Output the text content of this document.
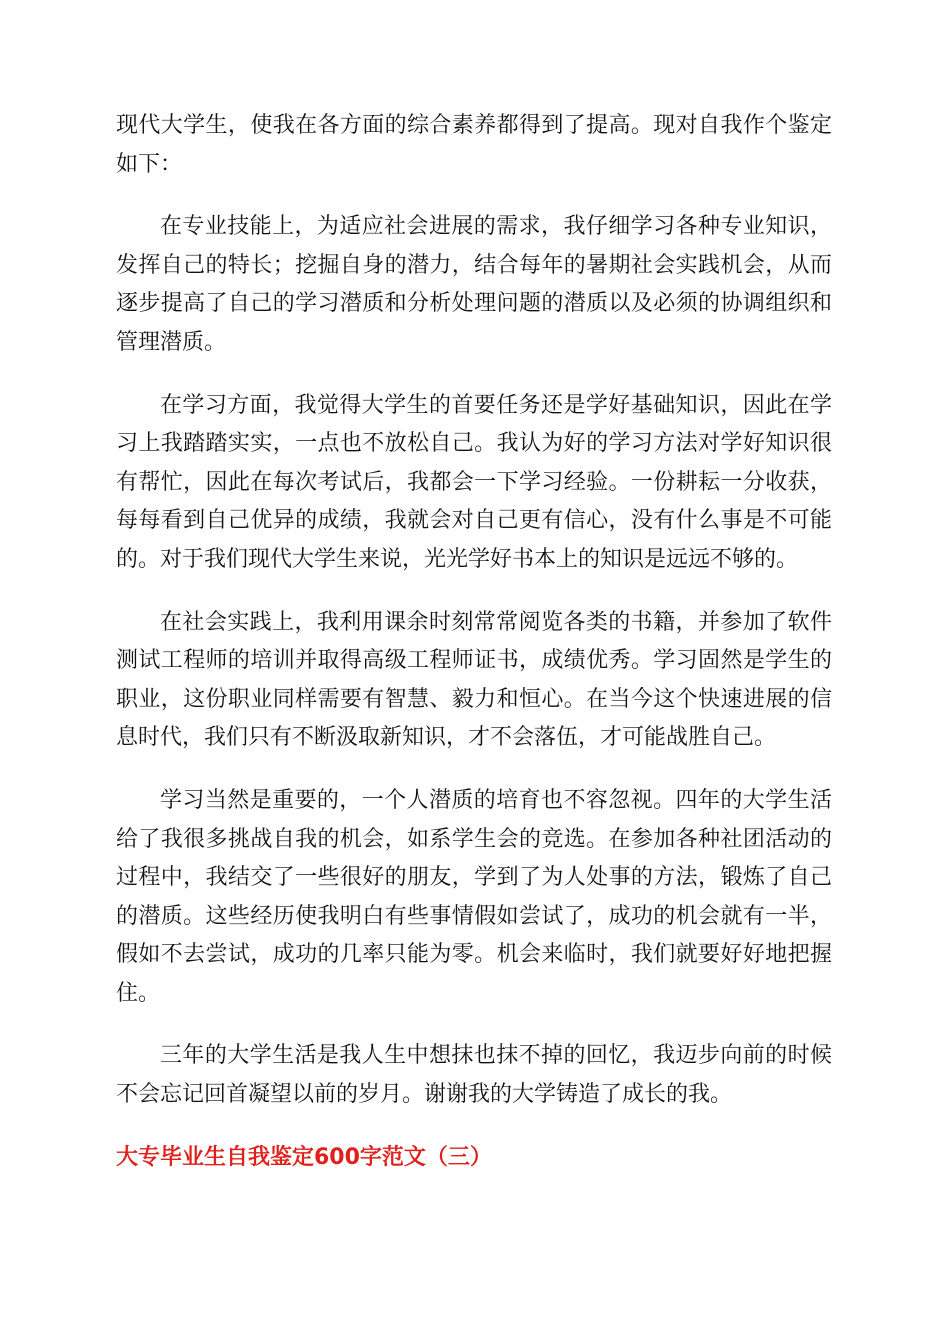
现代大学生，使我在各方面的综合素养都得到了提高。现对自我作个鉴定如下：

在专业技能上，为适应社会进展的需求，我仔细学习各种专业知识，发挥自己的特长；挖掘自身的潜力，结合每年的暑期社会实践机会，从而逐步提高了自己的学习潜质和分析处理问题的潜质以及必须的协调组织和管理潜质。

在学习方面，我觉得大学生的首要任务还是学好基础知识，因此在学习上我踏踏实实，一点也不放松自己。我认为好的学习方法对学好知识很有帮忙，因此在每次考试后，我都会一下学习经验。一份耕耘一分收获，每每看到自己优异的成绩，我就会对自己更有信心，没有什么事是不可能的。对于我们现代大学生来说，光光学好书本上的知识是远远不够的。

在社会实践上，我利用课余时刻常常阅览各类的书籍，并参加了软件测试工程师的培训并取得高级工程师证书，成绩优秀。学习固然是学生的职业，这份职业同样需要有智慧、毅力和恒心。在当今这个快速进展的信息时代，我们只有不断汲取新知识，才不会落伍，才可能战胜自己。

学习当然是重要的，一个人潜质的培育也不容忽视。四年的大学生活给了我很多挑战自我的机会，如系学生会的竞选。在参加各种社团活动的过程中，我结交了一些很好的朋友，学到了为人处事的方法，锻炼了自己的潜质。这些经历使我明白有些事情假如尝试了，成功的机会就有一半，假如不去尝试，成功的几率只能为零。机会来临时，我们就要好好地把握住。

三年的大学生活是我人生中想抹也抹不掉的回忆，我迈步向前的时候不会忘记回首凝望以前的岁月。谢谢我的大学铸造了成长的我。

大专毕业生自我鉴定600字范文（三）
